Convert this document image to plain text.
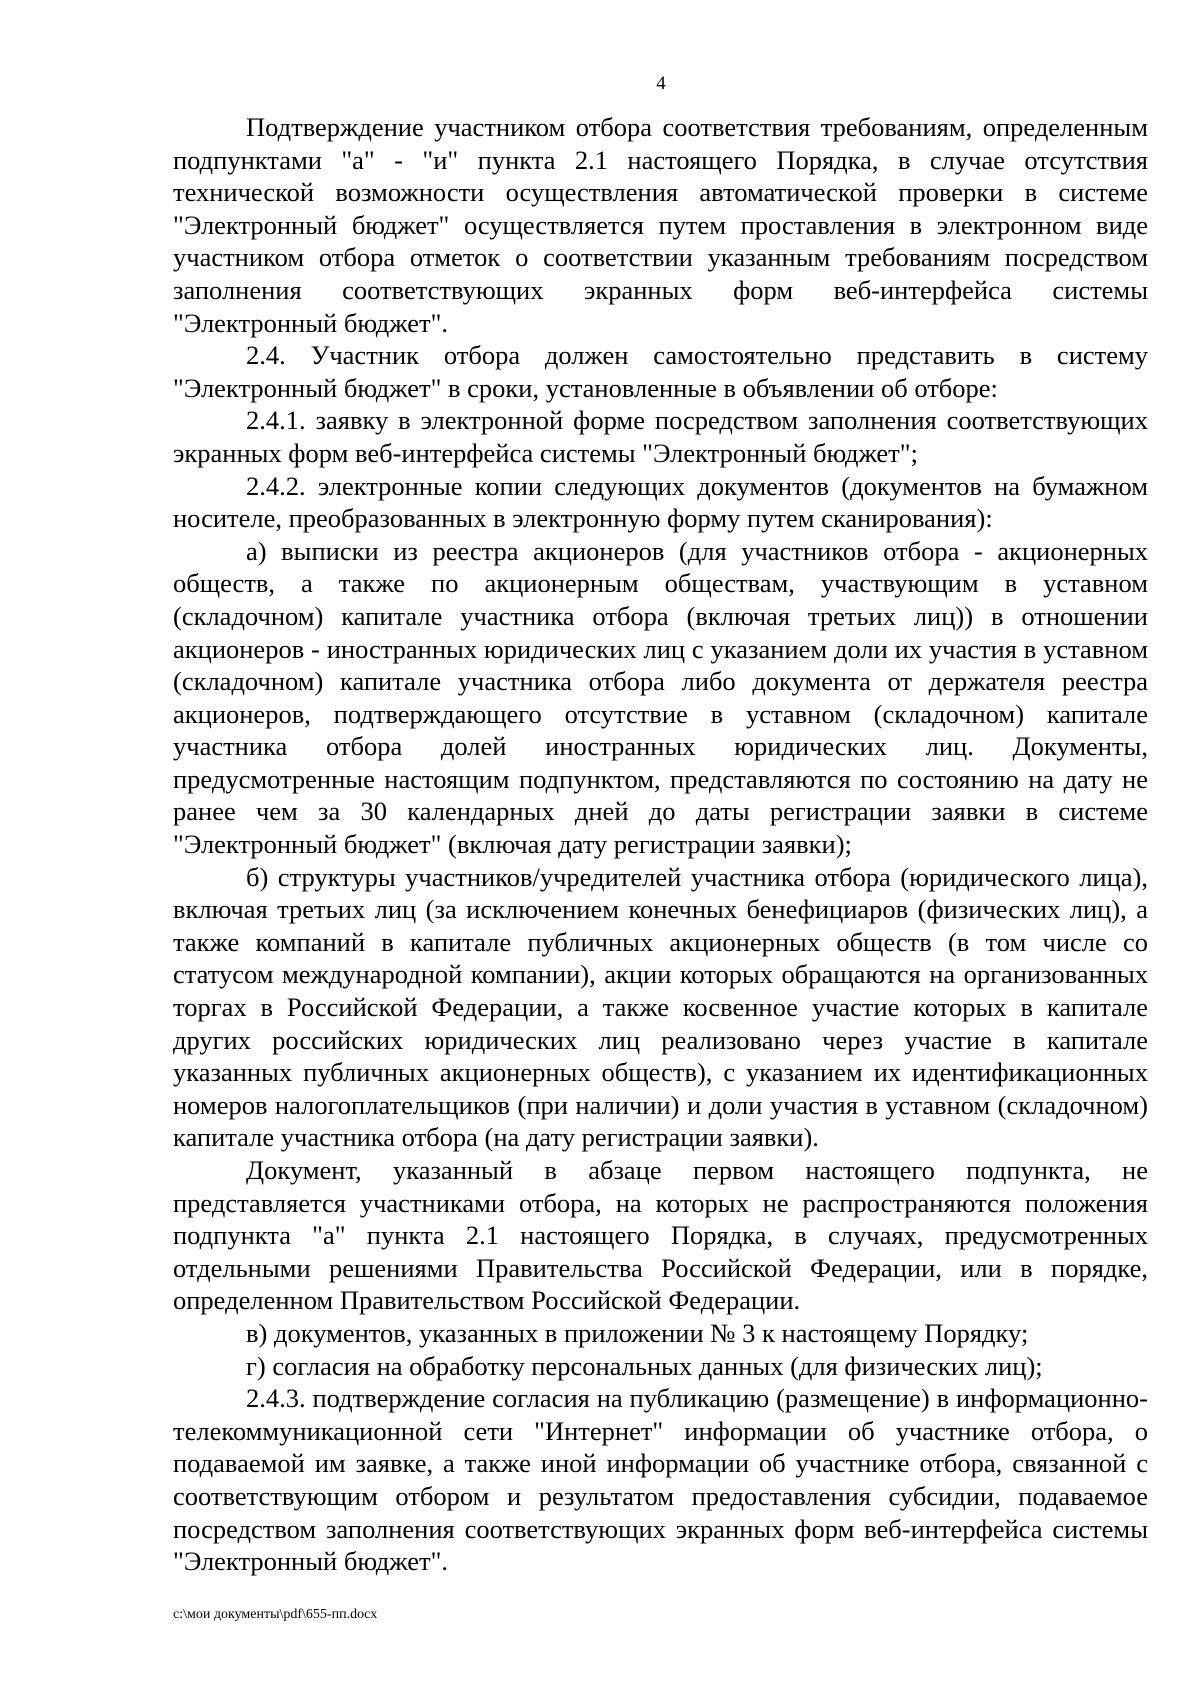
4

Подтверждение участником отбора соответствия требованиям, определенным подпунктами "а" - "и" пункта 2.1 настоящего Порядка, в случае отсутствия технической возможности осуществления автоматической проверки в системе "Электронный бюджет" осуществляется путем проставления в электронном виде участником отбора отметок о соответствии указанным требованиям посредством заполнения соответствующих экранных форм веб-интерфейса системы "Электронный бюджет".

2.4. Участник отбора должен самостоятельно представить в систему "Электронный бюджет" в сроки, установленные в объявлении об отборе:

2.4.1. заявку в электронной форме посредством заполнения соответствующих экранных форм веб-интерфейса системы "Электронный бюджет";

2.4.2. электронные копии следующих документов (документов на бумажном носителе, преобразованных в электронную форму путем сканирования):

а) выписки из реестра акционеров (для участников отбора - акционерных обществ, а также по акционерным обществам, участвующим в уставном (складочном) капитале участника отбора (включая третьих лиц)) в отношении акционеров - иностранных юридических лиц с указанием доли их участия в уставном (складочном) капитале участника отбора либо документа от держателя реестра акционеров, подтверждающего отсутствие в уставном (складочном) капитале участника отбора долей иностранных юридических лиц. Документы, предусмотренные настоящим подпунктом, представляются по состоянию на дату не ранее чем за 30 календарных дней до даты регистрации заявки в системе "Электронный бюджет" (включая дату регистрации заявки);

б) структуры участников/учредителей участника отбора (юридического лица), включая третьих лиц (за исключением конечных бенефициаров (физических лиц), а также компаний в капитале публичных акционерных обществ (в том числе со статусом международной компании), акции которых обращаются на организованных торгах в Российской Федерации, а также косвенное участие которых в капитале других российских юридических лиц реализовано через участие в капитале указанных публичных акционерных обществ), с указанием их идентификационных номеров налогоплательщиков (при наличии) и доли участия в уставном (складочном) капитале участника отбора (на дату регистрации заявки).

Документ, указанный в абзаце первом настоящего подпункта, не представляется участниками отбора, на которых не распространяются положения подпункта "а" пункта 2.1 настоящего Порядка, в случаях, предусмотренных отдельными решениями Правительства Российской Федерации, или в порядке, определенном Правительством Российской Федерации.

в) документов, указанных в приложении № 3 к настоящему Порядку;

г) согласия на обработку персональных данных (для физических лиц);

2.4.3. подтверждение согласия на публикацию (размещение) в информационно-телекоммуникационной сети "Интернет" информации об участнике отбора, о подаваемой им заявке, а также иной информации об участнике отбора, связанной с соответствующим отбором и результатом предоставления субсидии, подаваемое посредством заполнения соответствующих экранных форм веб-интерфейса системы "Электронный бюджет".

c:\мои документы\pdf\655-пп.docx
